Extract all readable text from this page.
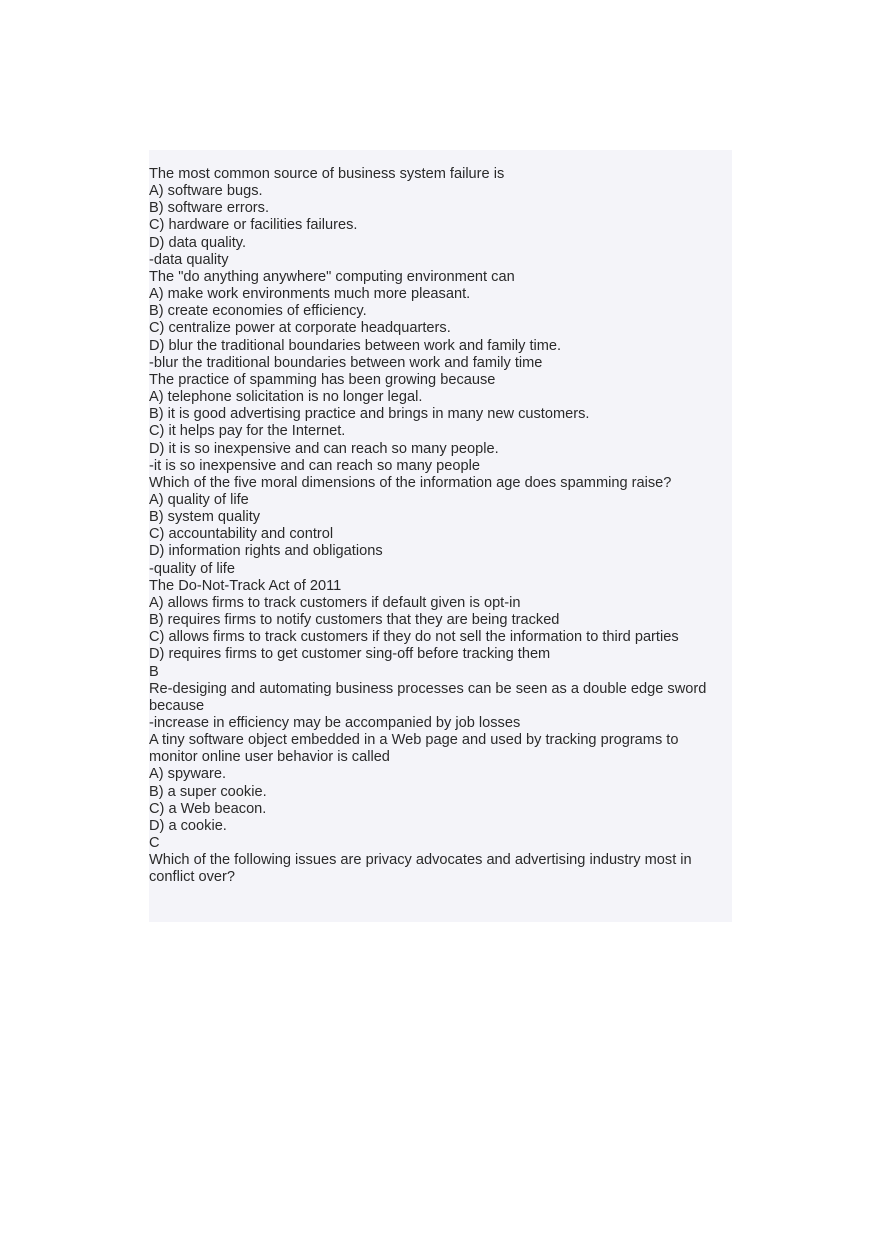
The most common source of business system failure is
A) software bugs.
B) software errors.
C) hardware or facilities failures.
D) data quality.
-data quality
The "do anything anywhere" computing environment can
A) make work environments much more pleasant.
B) create economies of efficiency.
C) centralize power at corporate headquarters.
D) blur the traditional boundaries between work and family time.
-blur the traditional boundaries between work and family time
The practice of spamming has been growing because
A) telephone solicitation is no longer legal.
B) it is good advertising practice and brings in many new customers.
C) it helps pay for the Internet.
D) it is so inexpensive and can reach so many people.
-it is so inexpensive and can reach so many people
Which of the five moral dimensions of the information age does spamming raise?
A) quality of life
B) system quality
C) accountability and control
D) information rights and obligations
-quality of life
The Do-Not-Track Act of 2011
A) allows firms to track customers if default given is opt-in
B) requires firms to notify customers that they are being tracked
C) allows firms to track customers if they do not sell the information to third parties
D) requires firms to get customer sing-off before tracking them
B
Re-desiging and automating business processes can be seen as a double edge sword
because
-increase in efficiency may be accompanied by job losses
A tiny software object embedded in a Web page and used by tracking programs to
monitor online user behavior is called
A) spyware.
B) a super cookie.
C) a Web beacon.
D) a cookie.
C
Which of the following issues are privacy advocates and advertising industry most in
conflict over?
